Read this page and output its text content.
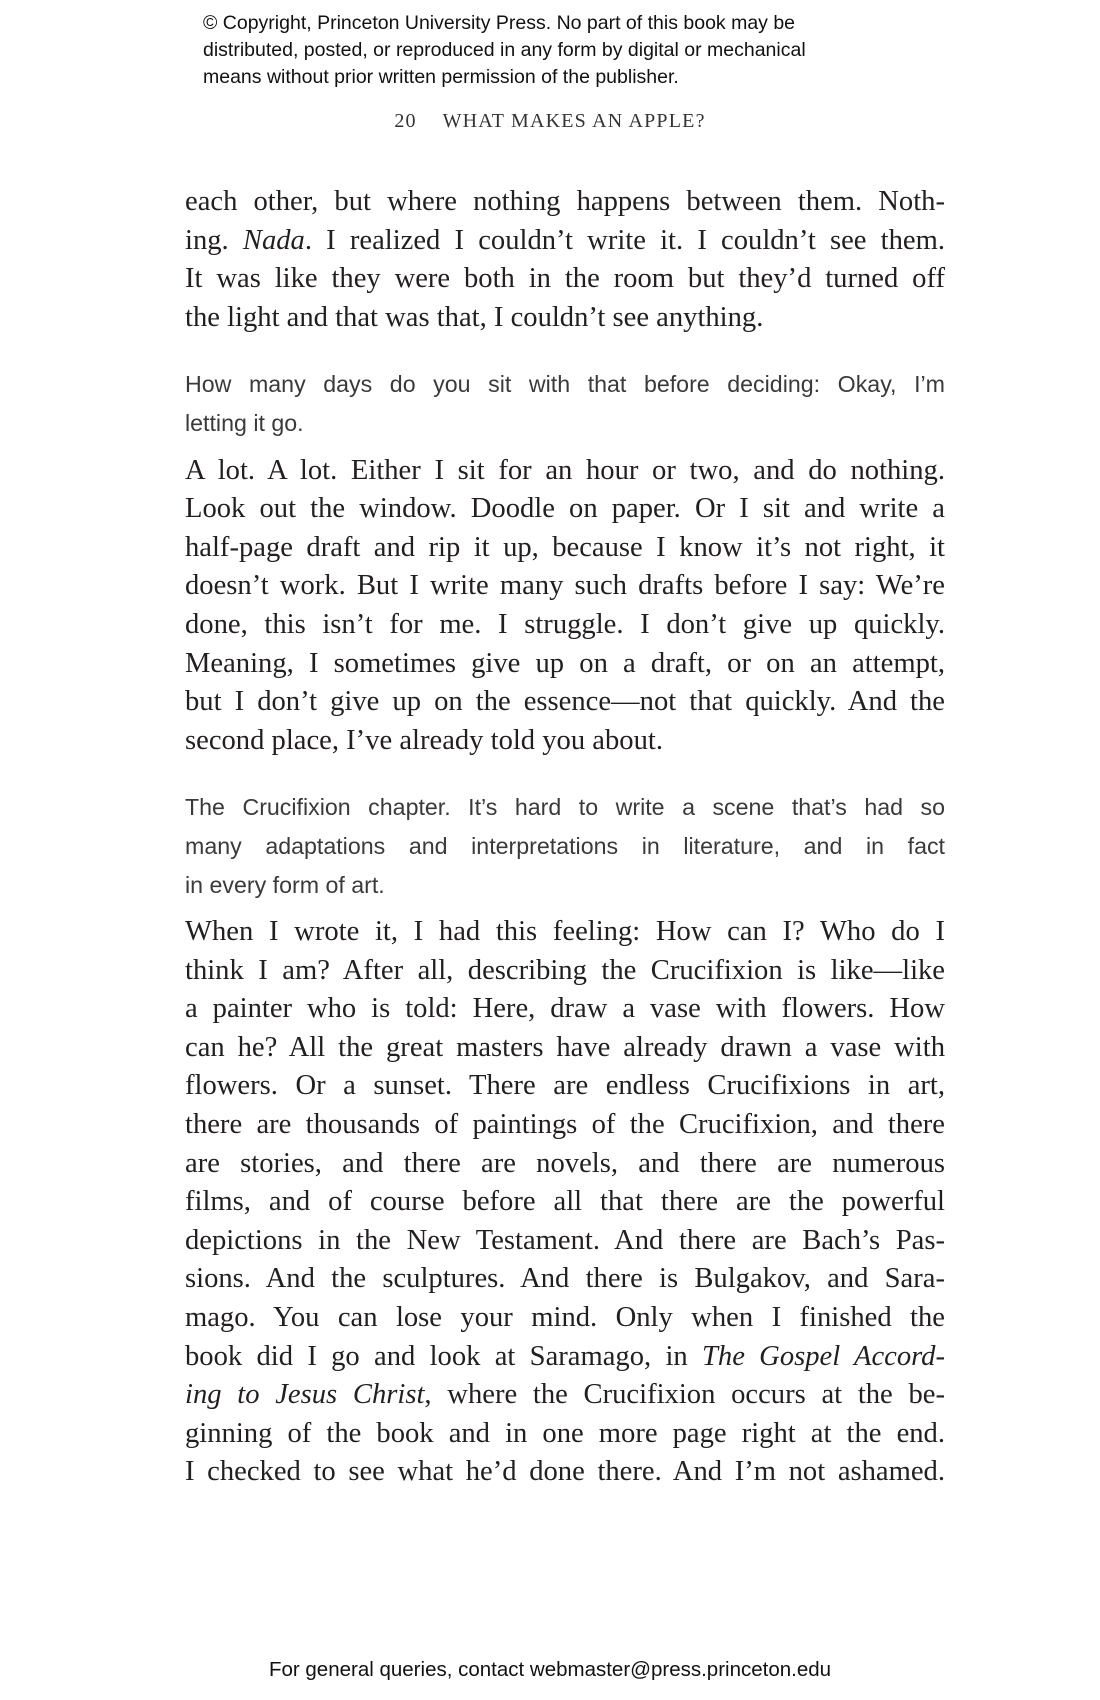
© Copyright, Princeton University Press. No part of this book may be
distributed, posted, or reproduced in any form by digital or mechanical
means without prior written permission of the publisher.
20 WHAT MAKES AN APPLE?

each other, but where nothing happens between them. Noth-
ing. Nada. I realized I couldn’t write it. I couldn’t see them.
It was like they were both in the room but they’d turned off
the light and that was that, I couldn’t see anything.

How many days do you sit with that before deciding: Okay, I’m
letting it go.

A lot. A lot. Either I sit for an hour or two, and do nothing.
Look out the window. Doodle on paper. Or I sit and write a
half-page draft and rip it up, because I know it’s not right, it
doesn’t work. But I write many such drafts before I say: We’re
done, this isn’t for me. I struggle. I don’t give up quickly.
Meaning, I sometimes give up on a draft, or on an attempt,
but I don’t give up on the essence—not that quickly. And the
second place, I’ve already told you about.

The Crucifixion chapter. It’s hard to write a scene that’s had so
many adaptations and interpretations in literature, and in fact
in every form of art.

When I wrote it, I had this feeling: How can I? Who do I
think I am? After all, describing the Crucifixion is like—like
a painter who is told: Here, draw a vase with flowers. How
can he? All the great masters have already drawn a vase with
flowers. Or a sunset. There are endless Crucifixions in art,
there are thousands of paintings of the Crucifixion, and there
are stories, and there are novels, and there are numerous
films, and of course before all that there are the powerful
depictions in the New Testament. And there are Bach’s Pas-
sions. And the sculptures. And there is Bulgakov, and Sara-
mago. You can lose your mind. Only when I finished the
book did I go and look at Saramago, in The Gospel Accord-
ing to Jesus Christ, where the Crucifixion occurs at the be-
ginning of the book and in one more page right at the end.
I checked to see what he’d done there. And I’m not ashamed.

For general queries, contact webmaster@press.princeton.edu
